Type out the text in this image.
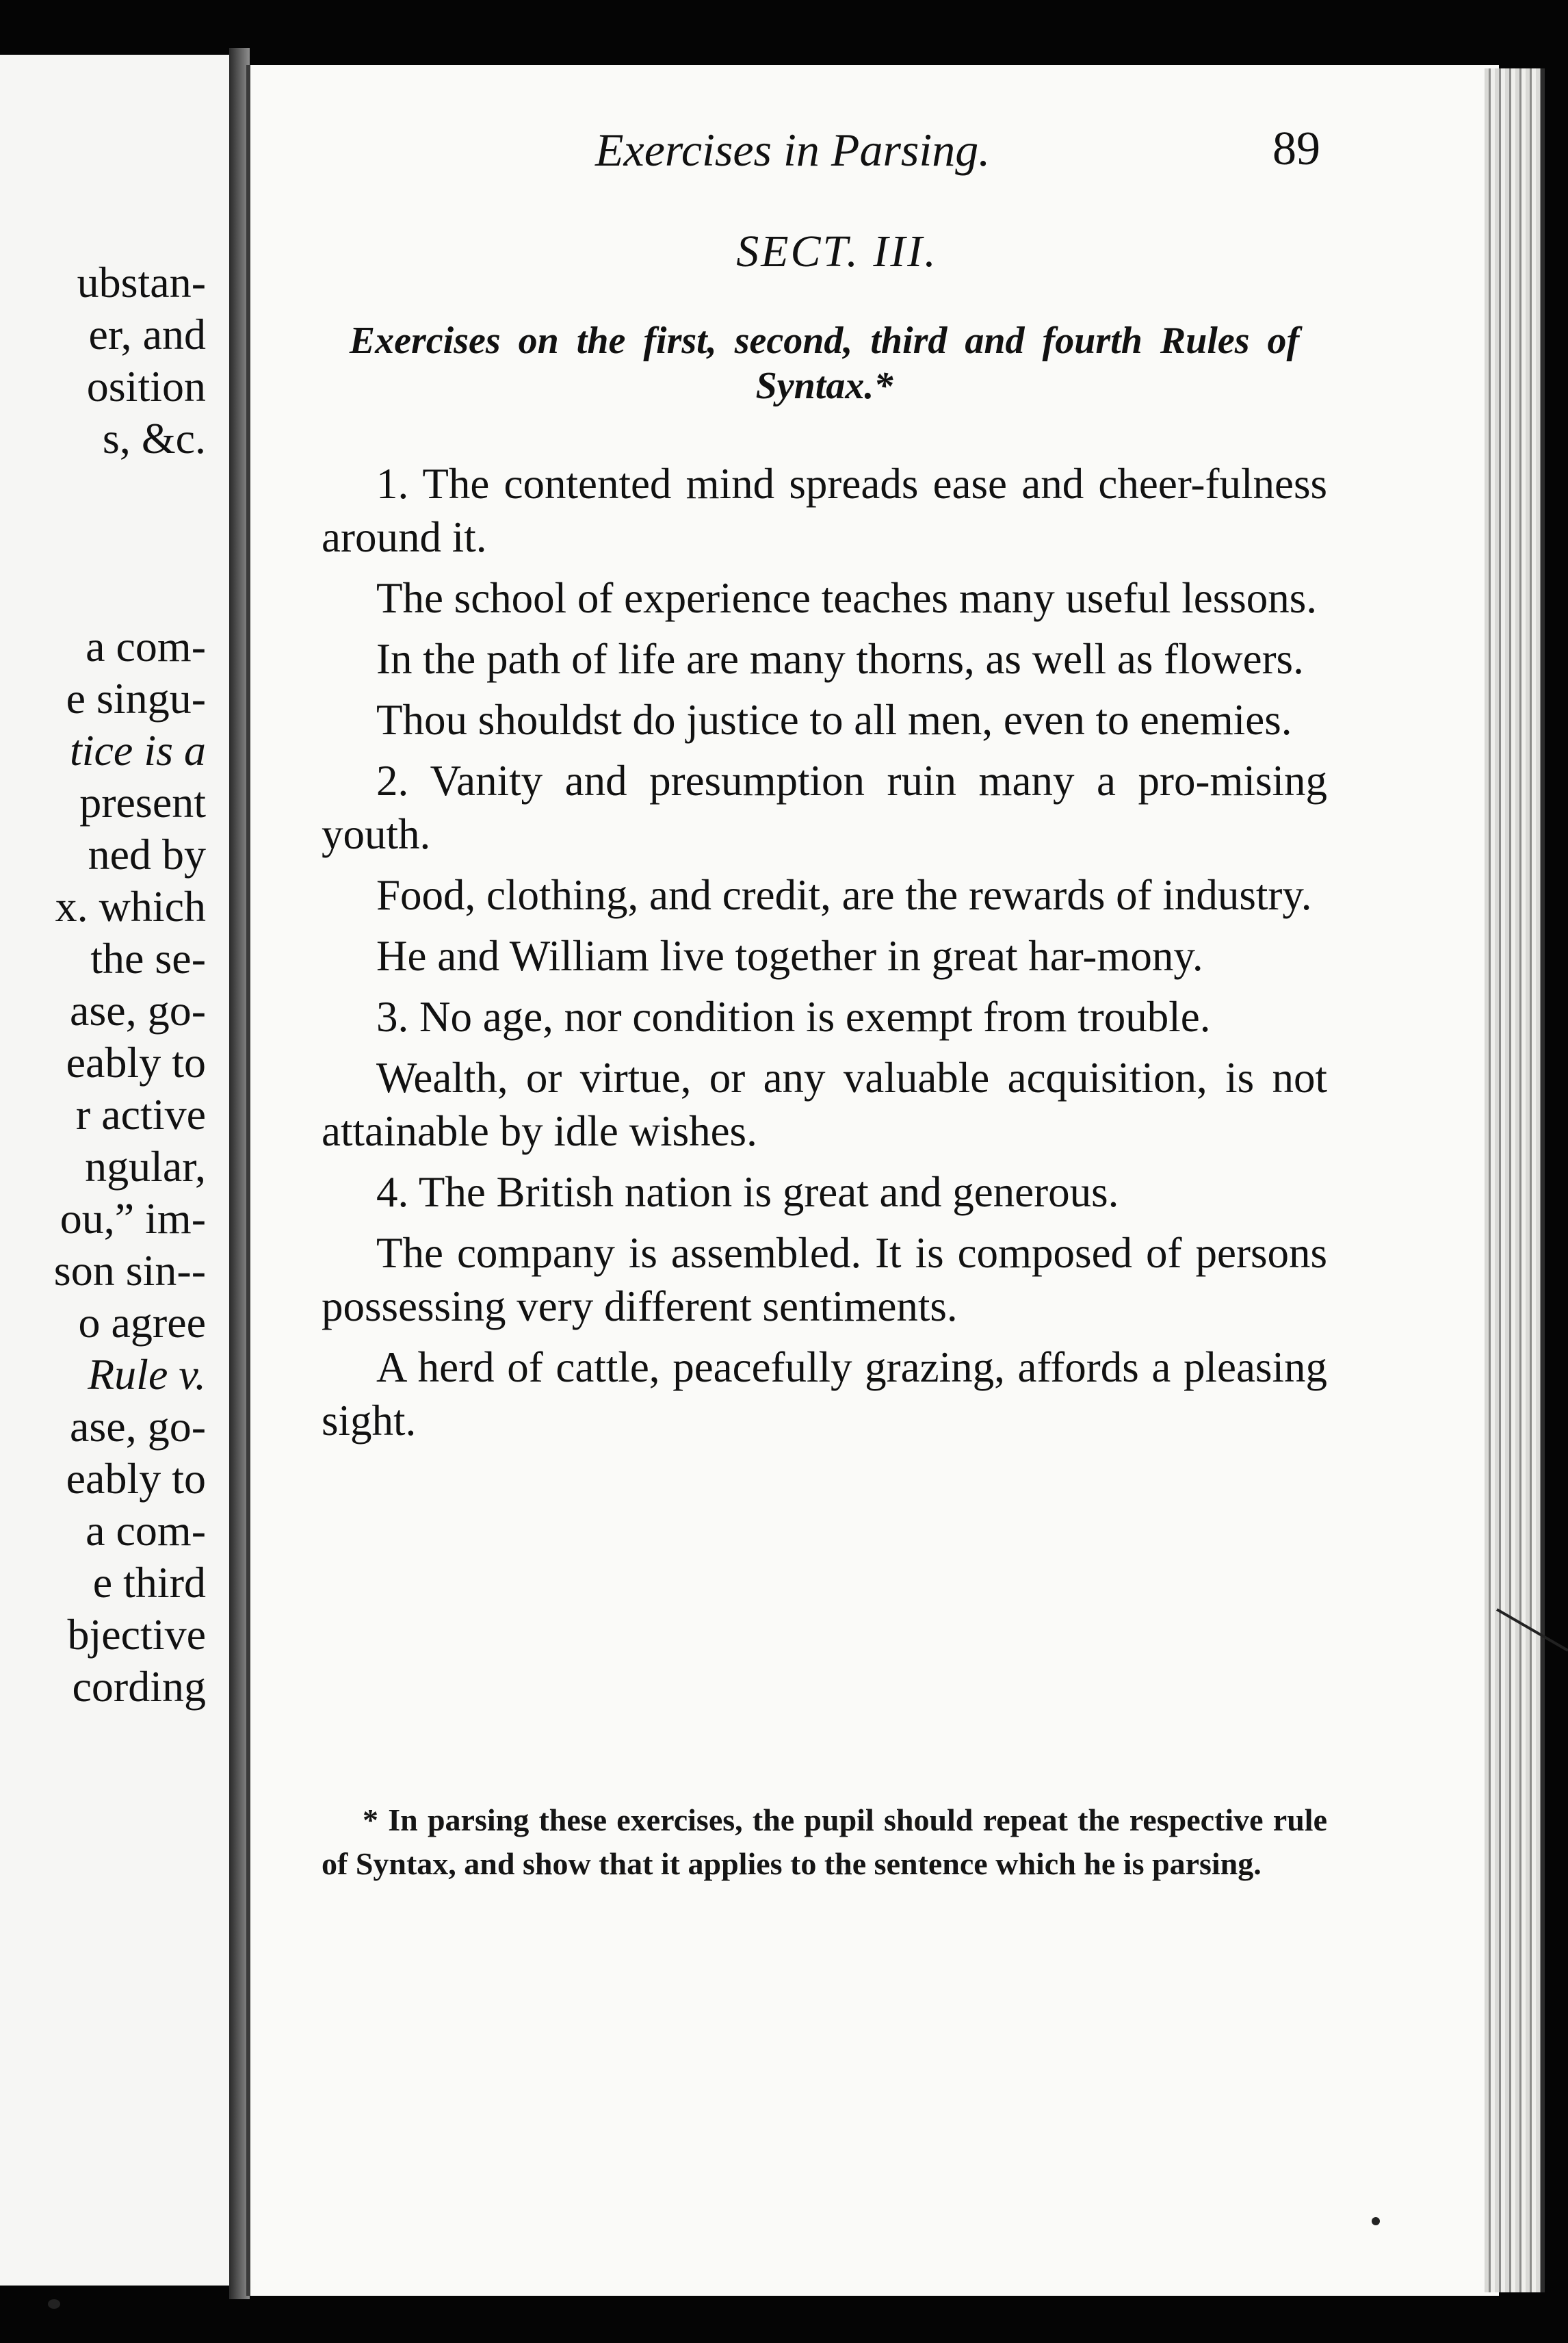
ubstan-
er, and
osition
s, &c.

a com-
e singu-
tice is a
present
ned by
x. which
the se-
ase, go-
eably to
r active
ngular,
ou,” im-
son sin--
o agree
Rule v.
ase, go-
eably to
a com-
e third
bjective
cording
Exercises in Parsing.	89
SECT. III.
Exercises on the first, second, third and fourth Rules of Syntax.*

1. The contented mind spreads ease and cheer-fulness around it.

The school of experience teaches many useful lessons.

In the path of life are many thorns, as well as flowers.

Thou shouldst do justice to all men, even to enemies.

2. Vanity and presumption ruin many a pro-mising youth.

Food, clothing, and credit, are the rewards of industry.

He and William live together in great har-mony.

3. No age, nor condition is exempt from trouble.

Wealth, or virtue, or any valuable acquisition, is not attainable by idle wishes.

4. The British nation is great and generous.

The company is assembled. It is composed of persons possessing very different sentiments.

A herd of cattle, peacefully grazing, affords a pleasing sight.

* In parsing these exercises, the pupil should repeat the respective rule of Syntax, and show that it applies to the sentence which he is parsing.
